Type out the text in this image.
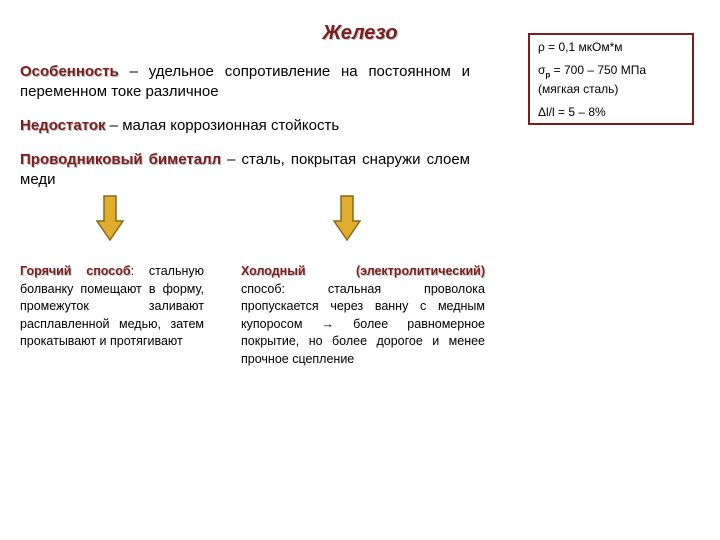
Железо

ρ = 0,1 мкОм*м

$\sigma_р = 700 - 750$ МПа
(мягкая сталь)

Δl/l = 5 – 8%

Особенность – удельное сопротивление на постоянном и переменном токе различное

Недостаток – малая коррозионная стойкость

Проводниковый биметалл – сталь, покрытая снаружи слоем меди

Горячий способ: стальную болванку помещают в форму, промежуток заливают расплавленной медью, затем прокатывают и протягивают

Холодный (электролитический) способ: стальная проволока пропускается через ванну с медным купоросом → более равномерное покрытие, но более дорогое и менее прочное сцепление
